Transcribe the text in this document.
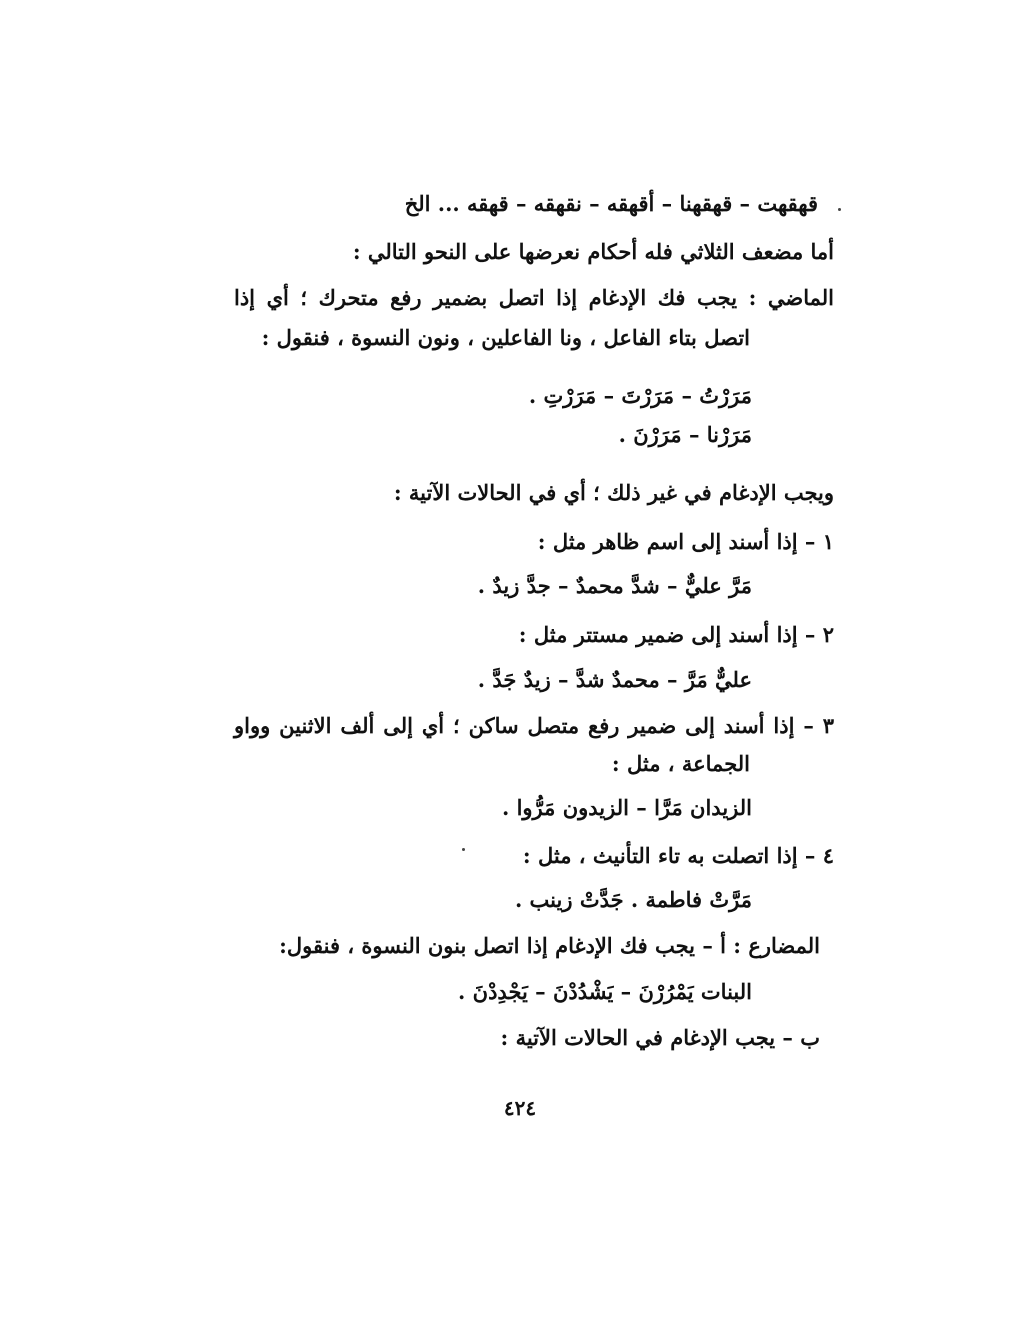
قهقهت – قهقهنا – أقهقه – نقهقه – قهقه ... الخ
أما مضعف الثلاثي فله أحكام نعرضها على النحو التالي :
الماضي : يجب فك الإدغام إذا اتصل بضمير رفع متحرك ؛ أي إذا
اتصل بتاء الفاعل ، ونا الفاعلين ، ونون النسوة ، فنقول :
مَرَرْتُ – مَرَرْتَ – مَرَرْتِ .
مَرَرْنا – مَرَرْنَ .
ويجب الإدغام في غير ذلك ؛ أي في الحالات الآتية :
١ – إذا أسند إلى اسم ظاهر مثل :
مَرَّ عليٌّ – شدَّ محمدٌ – جدَّ زيدٌ .
٢ – إذا أسند إلى ضمير مستتر مثل :
عليٌّ مَرَّ – محمدٌ شدَّ – زيدٌ جَدَّ .
٣ – إذا أسند إلى ضمير رفع متصل ساكن ؛ أي إلى ألف الاثنين وواو
الجماعة ، مثل :
الزيدان مَرَّا – الزيدون مَرُّوا .
٤ – إذا اتصلت به تاء التأنيث ، مثل :
مَرَّتْ فاطمة . جَدَّتْ زينب .
المضارع : أ – يجب فك الإدغام إذا اتصل بنون النسوة ، فنقول:
البنات يَمْرُرْنَ – يَشْدُدْنَ – يَجْدِدْنَ .
ب – يجب الإدغام في الحالات الآتية :
٤٢٤
